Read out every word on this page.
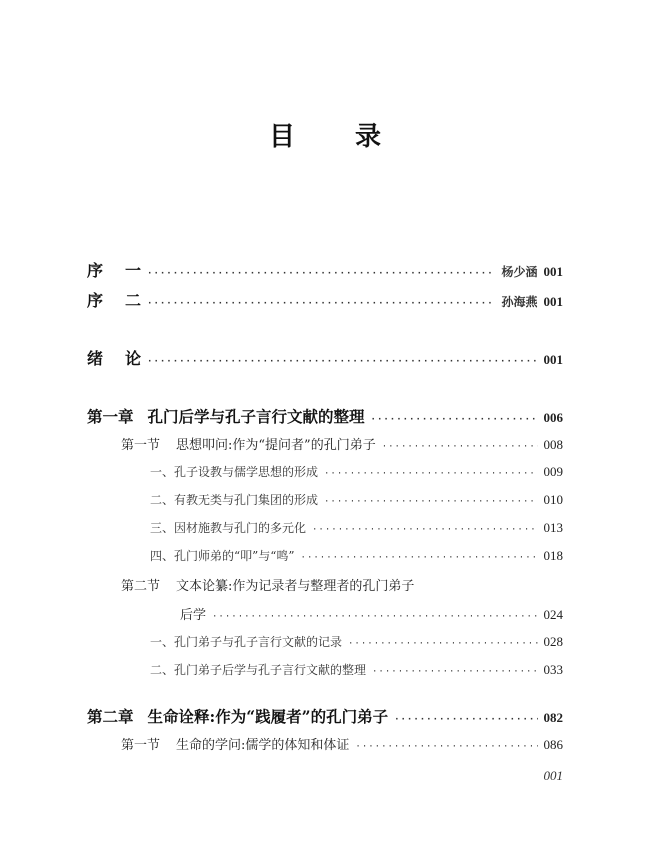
目 录
序 一 ·····	杨少涵 001
序 二 ·····	孙海燕 001
绪 论 ·····	001
第一章 孔门后学与孔子言行文献的整理 ·····	006
第一节 思想叩问:作为“提问者”的孔门弟子 ·····	008
一、孔子设教与儒学思想的形成 ·····	009
二、有教无类与孔门集团的形成 ·····	010
三、因材施教与孔门的多元化 ·····	013
四、孔门师弟的“叩”与“鸣” ·····	018
第二节 文本论纂:作为记录者与整理者的孔门弟子
后学 ·····	024
一、孔门弟子与孔子言行文献的记录 ·····	028
二、孔门弟子后学与孔子言行文献的整理 ·····	033
第二章 生命诠释:作为“践履者”的孔门弟子 ·····	082
第一节 生命的学问:儒学的体知和体证 ·····	086
001
